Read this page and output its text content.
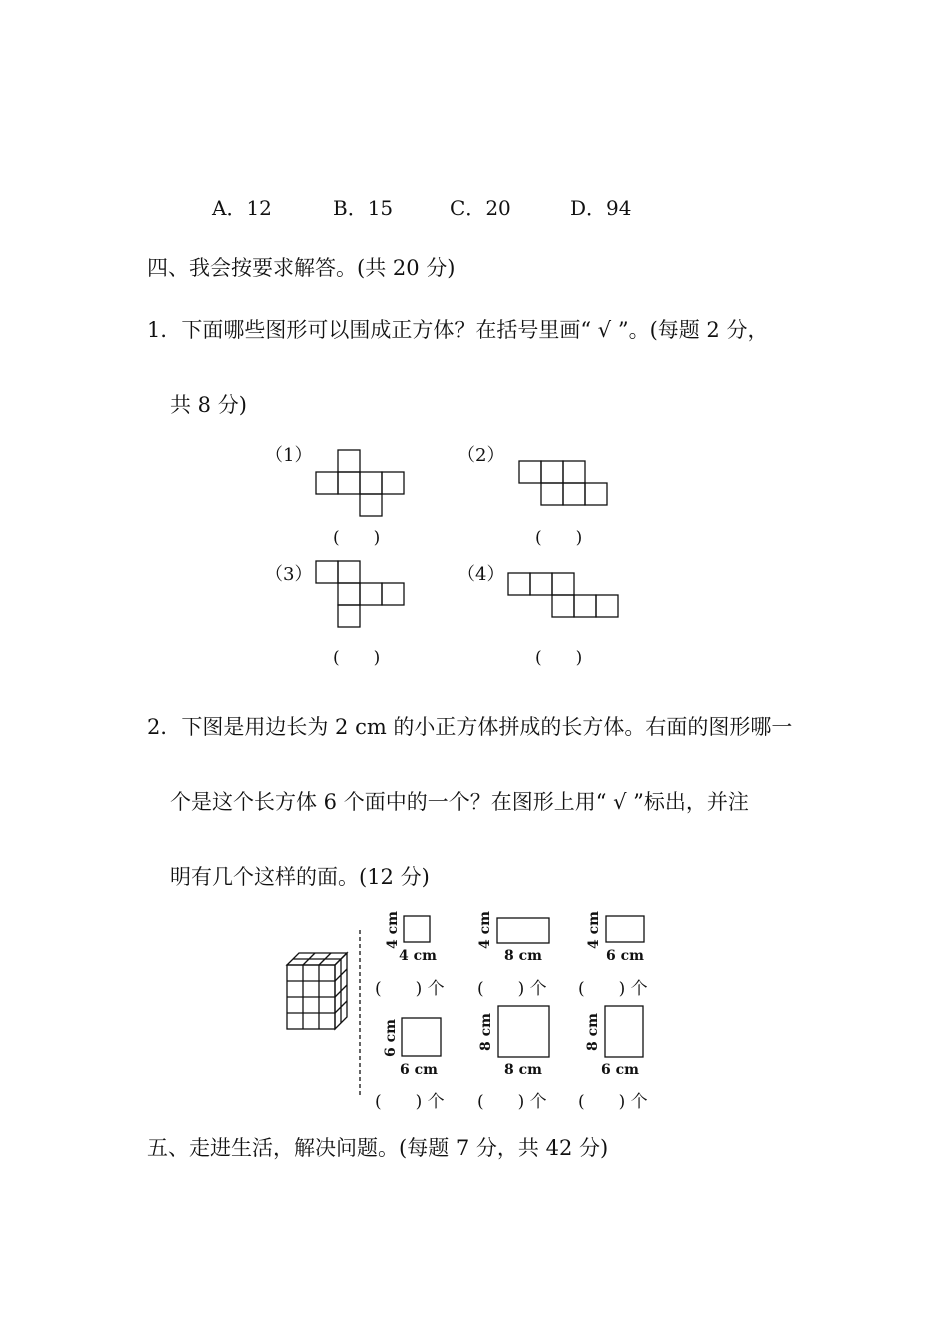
A．12	B．15	C．20	D．94
四、我会按要求解答。(共 20 分)
1．下面哪些图形可以围成正方体？在括号里画“ √ ”。(每题 2 分，
共 8 分)
（1）	（2）
（3）	（4）
(　　)	(　　)
(　　)	(　　)
2．下图是用边长为 2 cm 的小正方体拼成的长方体。右面的图形哪一
个是这个长方体 6 个面中的一个？在图形上用“ √ ”标出，并注
明有几个这样的面。(12 分)
4 cm
4 cm
(　　) 个
4 cm
8 cm
(　　) 个
4 cm
6 cm
(　　) 个
6 cm
6 cm
(　　) 个
8 cm
8 cm
(　　) 个
8 cm
6 cm
(　　) 个
五、走进生活，解决问题。(每题 7 分，共 42 分)
